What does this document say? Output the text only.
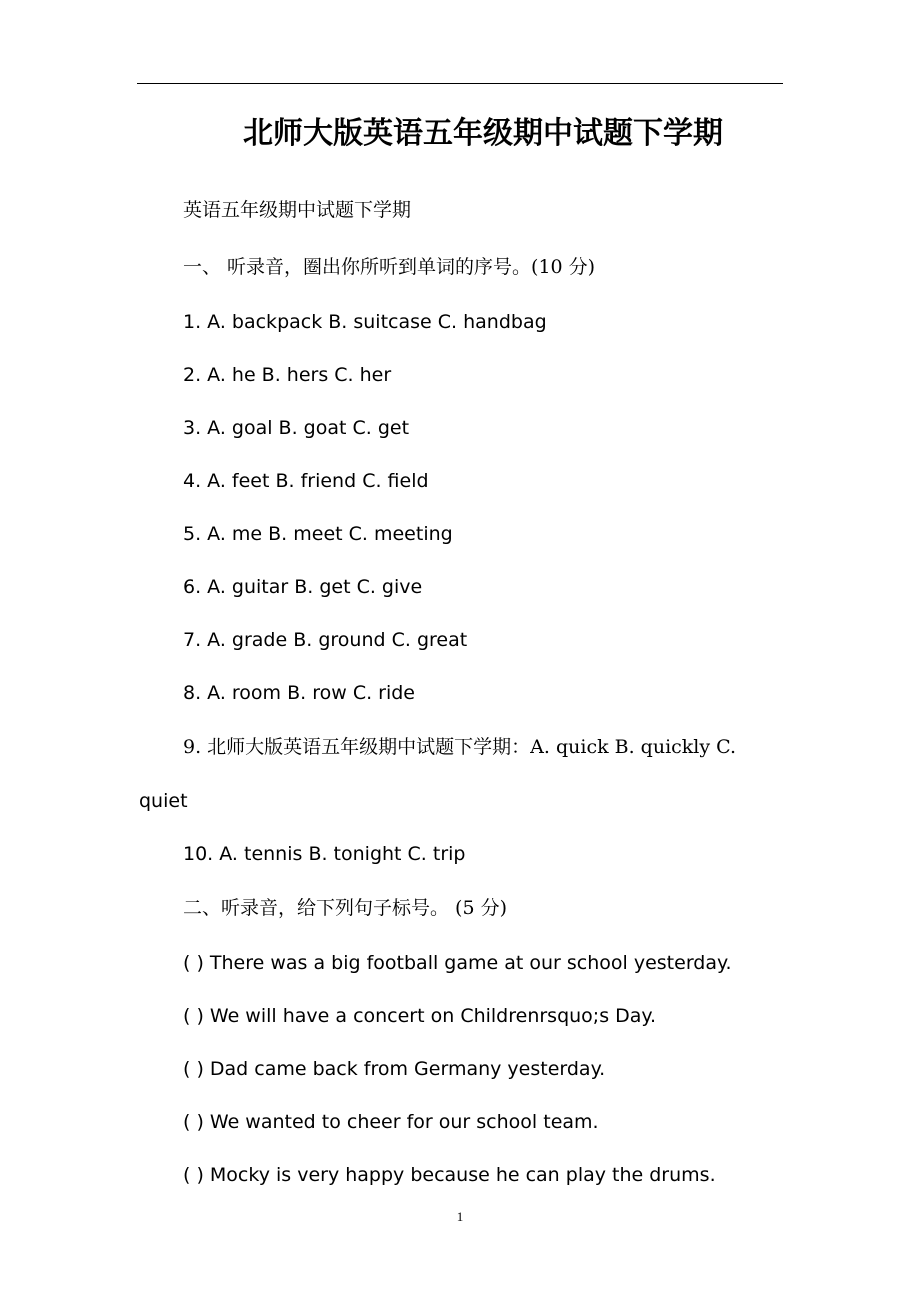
北师大版英语五年级期中试题下学期
英语五年级期中试题下学期
一、 听录音，圈出你所听到单词的序号。(10 分)
1. A. backpack B. suitcase C. handbag
2. A. he B. hers C. her
3. A. goal B. goat C. get
4. A. feet B. friend C. field
5. A. me B. meet C. meeting
6. A. guitar B. get C. give
7. A. grade B. ground C. great
8. A. room B. row C. ride
9. 北师大版英语五年级期中试题下学期：A. quick B. quickly C.
quiet
10. A. tennis B. tonight C. trip
二、听录音，给下列句子标号。 (5 分)
( ) There was a big football game at our school yesterday.
( ) We will have a concert on Childrenrsquo;s Day.
( ) Dad came back from Germany yesterday.
( ) We wanted to cheer for our school team.
( ) Mocky is very happy because he can play the drums.
1
